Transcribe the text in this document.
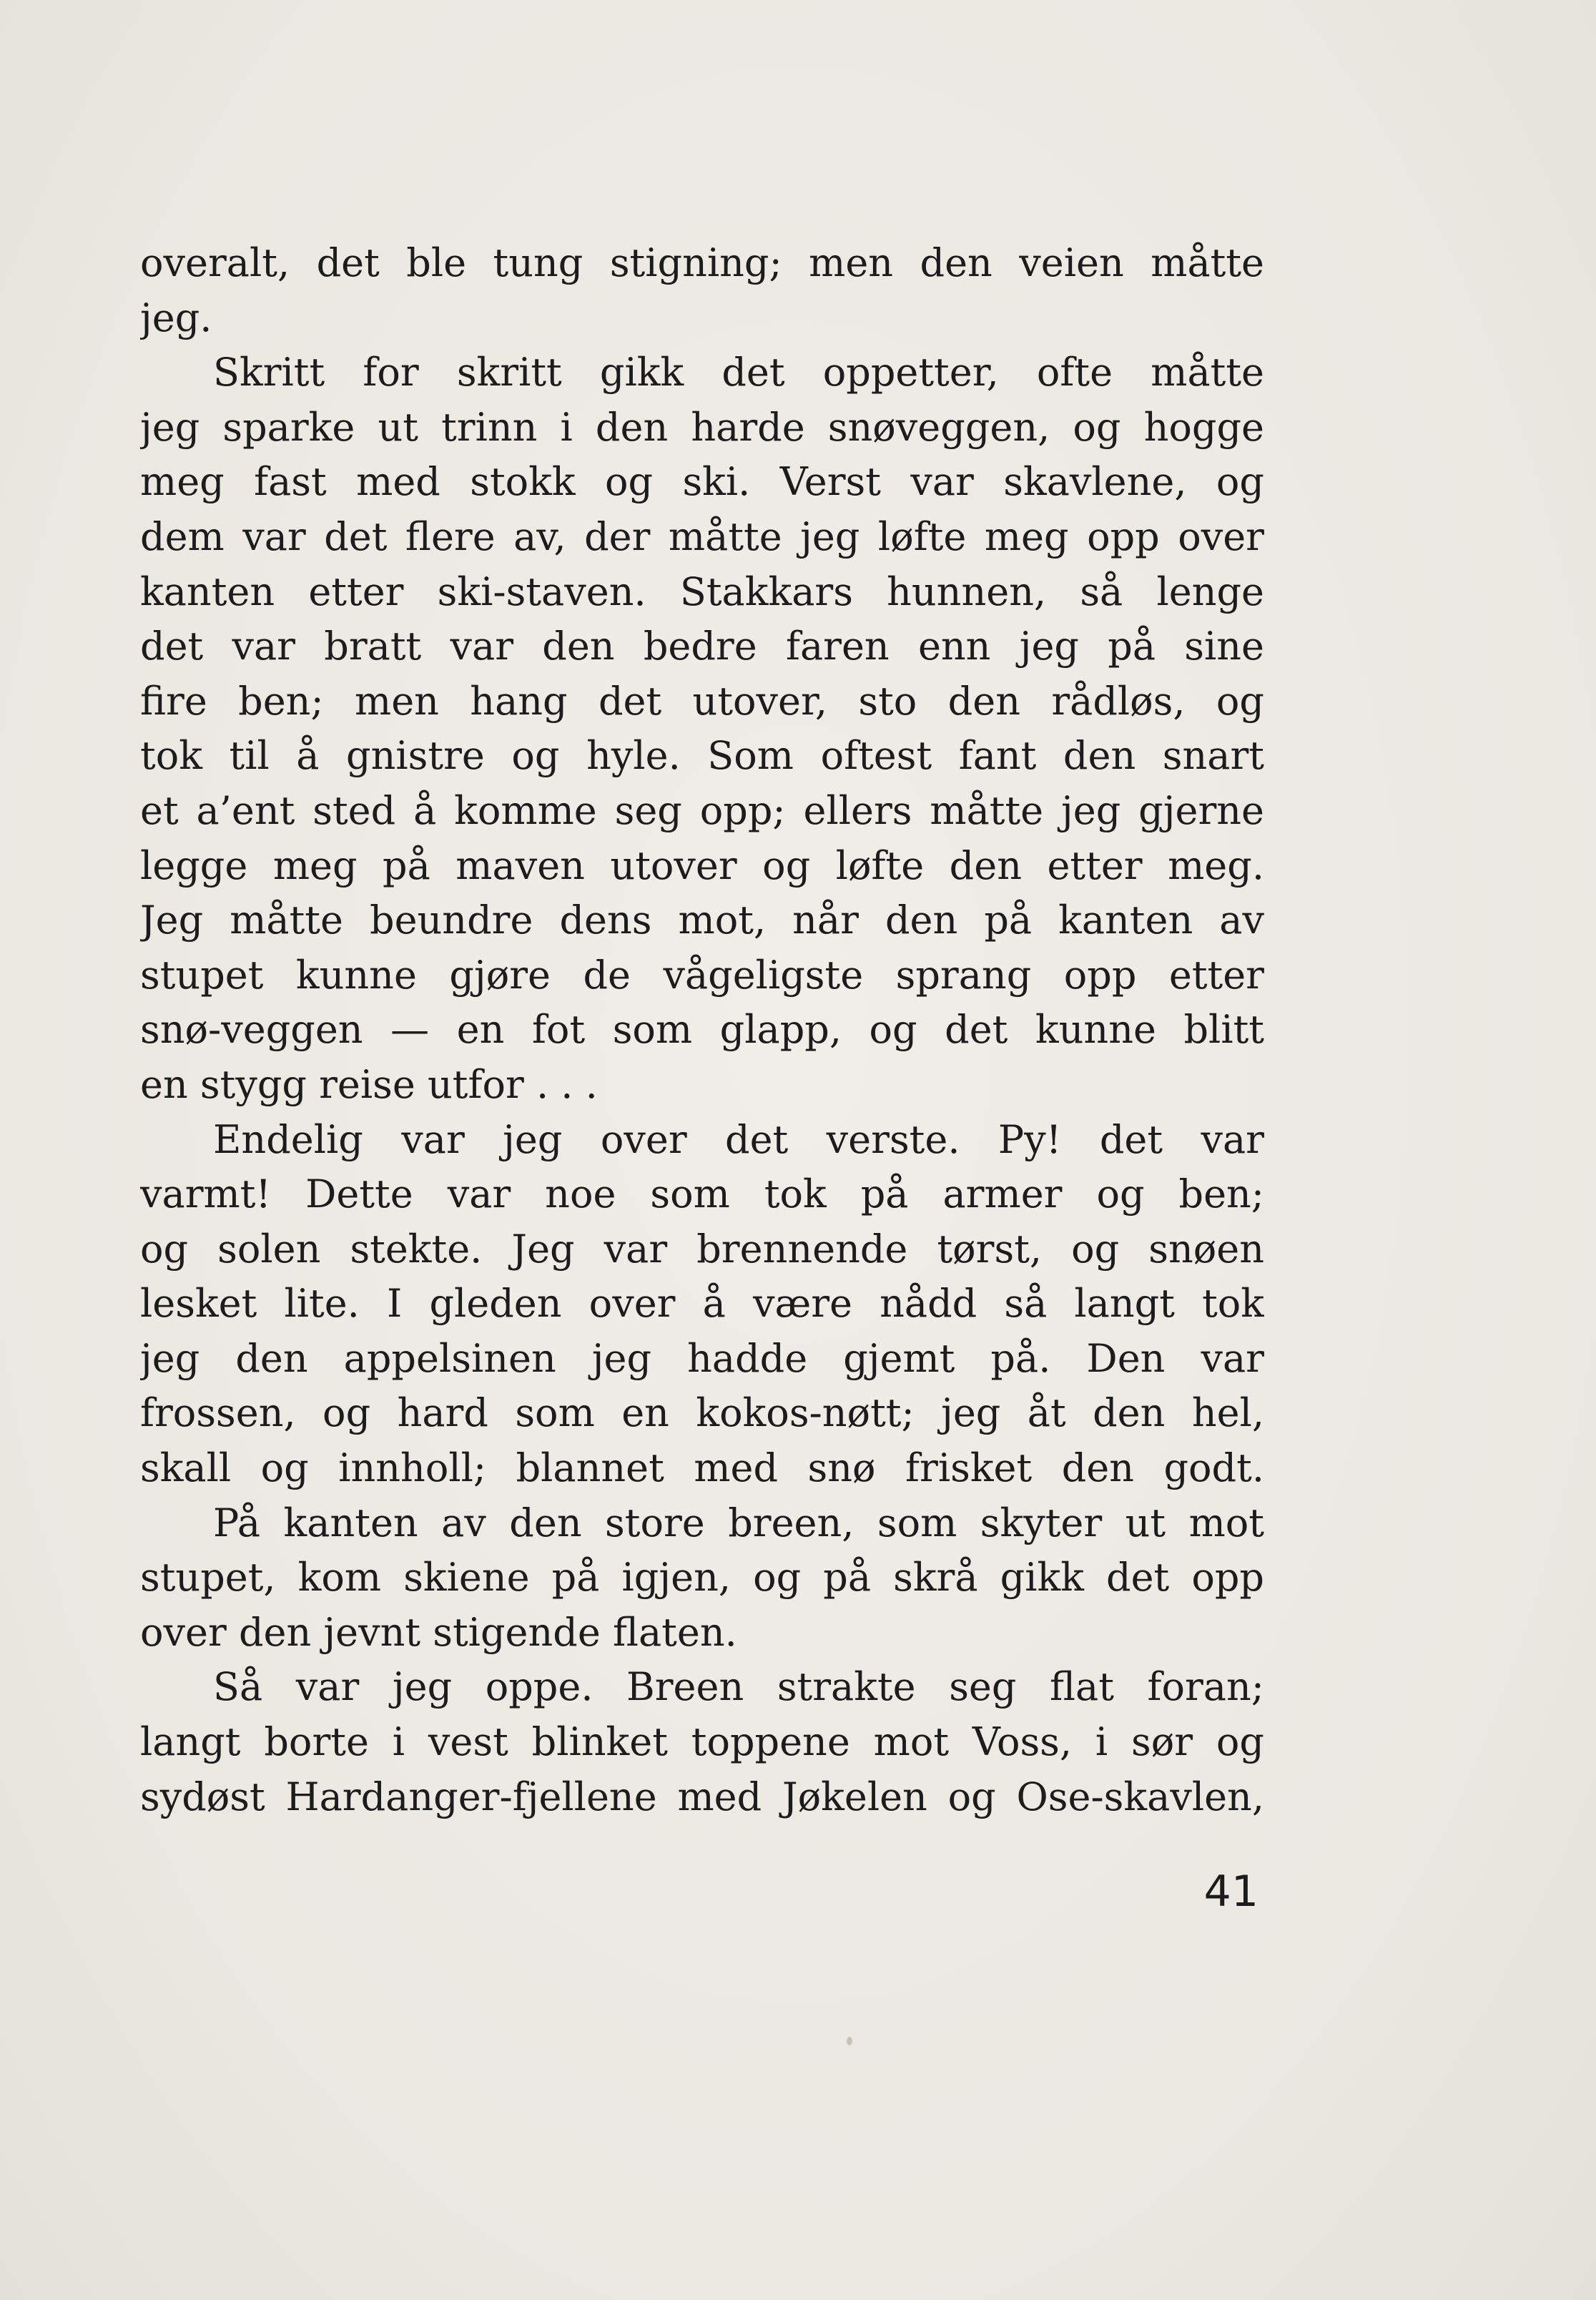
overalt, det ble tung stigning; men den veien måtte
jeg.
Skritt for skritt gikk det oppetter, ofte måtte
jeg sparke ut trinn i den harde snøveggen, og hogge
meg fast med stokk og ski. Verst var skavlene, og
dem var det flere av, der måtte jeg løfte meg opp over
kanten etter ski-staven. Stakkars hunnen, så lenge
det var bratt var den bedre faren enn jeg på sine
fire ben; men hang det utover, sto den rådløs, og
tok til å gnistre og hyle. Som oftest fant den snart
et a’ent sted å komme seg opp; ellers måtte jeg gjerne
legge meg på maven utover og løfte den etter meg.
Jeg måtte beundre dens mot, når den på kanten av
stupet kunne gjøre de vågeligste sprang opp etter
snø-veggen — en fot som glapp, og det kunne blitt
en stygg reise utfor . . .
Endelig var jeg over det verste. Py! det var
varmt! Dette var noe som tok på armer og ben;
og solen stekte. Jeg var brennende tørst, og snøen
lesket lite. I gleden over å være nådd så langt tok
jeg den appelsinen jeg hadde gjemt på. Den var
frossen, og hard som en kokos-nøtt; jeg åt den hel,
skall og innholl; blannet med snø frisket den godt.
På kanten av den store breen, som skyter ut mot
stupet, kom skiene på igjen, og på skrå gikk det opp
over den jevnt stigende flaten.
Så var jeg oppe. Breen strakte seg flat foran;
langt borte i vest blinket toppene mot Voss, i sør og
sydøst Hardanger-fjellene med Jøkelen og Ose-skavlen,
41
